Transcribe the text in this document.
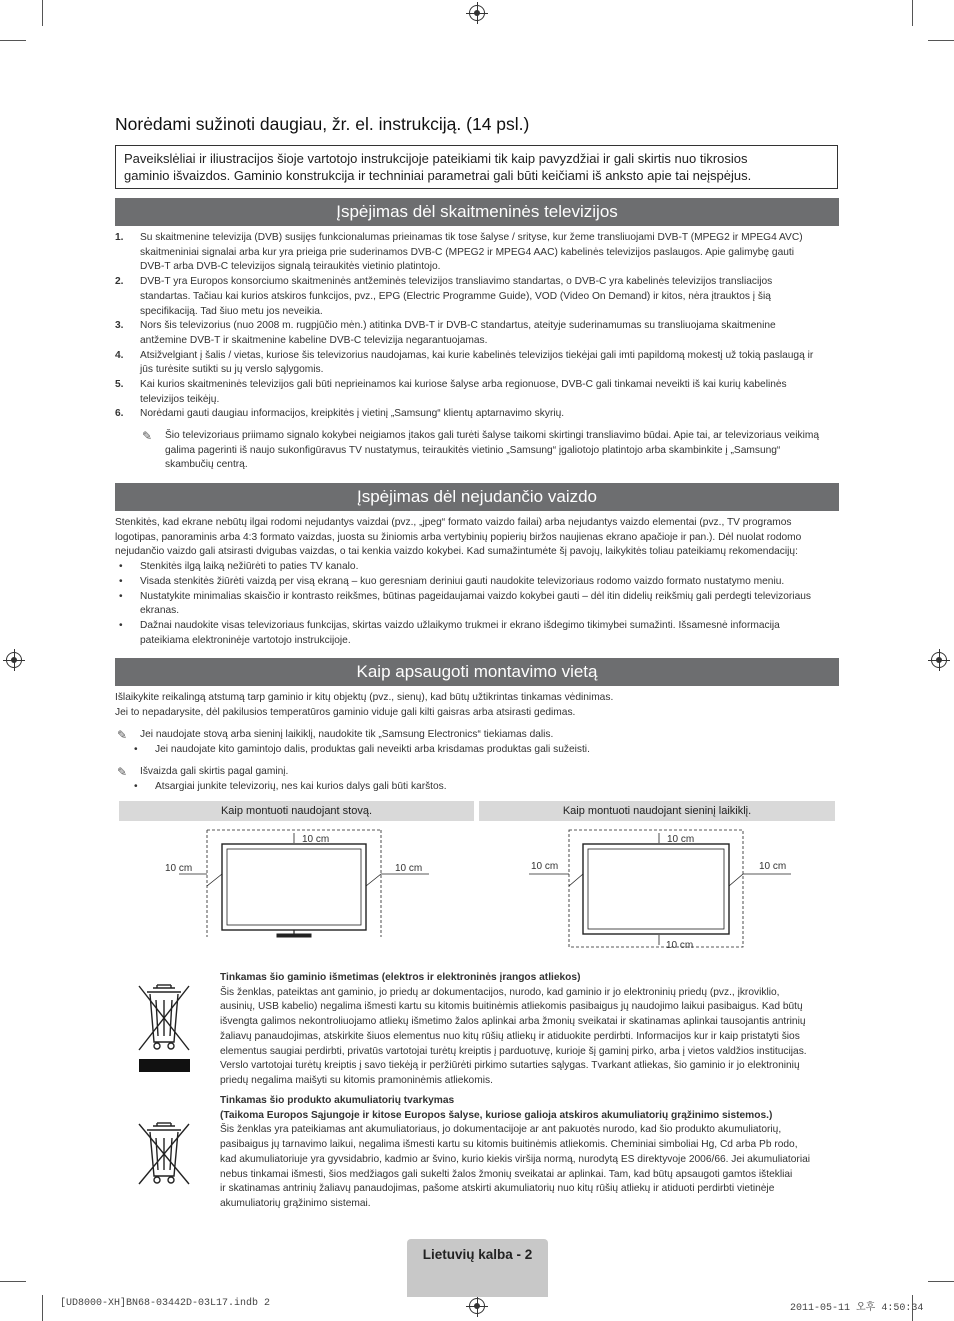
Norėdami sužinoti daugiau, žr. el. instrukciją. (14 psl.)
Paveikslėliai ir iliustracijos šioje vartotojo instrukcijoje pateikiami tik kaip pavyzdžiai ir gali skirtis nuo tikrosios
gaminio išvaizdos. Gaminio konstrukcija ir techniniai parametrai gali būti keičiami iš anksto apie tai neįspėjus.
Įspėjimas dėl skaitmeninės televizijos
1. Su skaitmenine televizija (DVB) susijęs funkcionalumas prieinamas tik tose šalyse / srityse, kur žeme transliuojami DVB-T (MPEG2 ir MPEG4 AVC)
skaitmeniniai signalai arba kur yra prieiga prie suderinamos DVB-C (MPEG2 ir MPEG4 AAC) kabelinės televizijos paslaugos. Apie galimybę gauti
DVB-T arba DVB-C televizijos signalą teiraukitės vietinio platintojo.
2. DVB-T yra Europos konsorciumo skaitmeninės antžeminės televizijos transliavimo standartas, o DVB-C yra kabelinės televizijos transliacijos
standartas. Tačiau kai kurios atskiros funkcijos, pvz., EPG (Electric Programme Guide), VOD (Video On Demand) ir kitos, nėra įtrauktos į šią
specifikaciją. Tad šiuo metu jos neveikia.
3. Nors šis televizorius (nuo 2008 m. rugpjūčio mėn.) atitinka DVB-T ir DVB-C standartus, ateityje suderinamumas su transliuojama skaitmenine
antžemine DVB-T ir skaitmenine kabeline DVB-C televizija negarantuojamas.
4. Atsižvelgiant į šalis / vietas, kuriose šis televizorius naudojamas, kai kurie kabelinės televizijos tiekėjai gali imti papildomą mokestį už tokią paslaugą ir
jūs turėsite sutikti su jų verslo sąlygomis.
5. Kai kurios skaitmeninės televizijos gali būti neprieinamos kai kuriose šalyse arba regionuose, DVB-C gali tinkamai neveikti iš kai kurių kabelinės
televizijos teikėjų.
6. Norėdami gauti daugiau informacijos, kreipkitės į vietinį „Samsung“ klientų aptarnavimo skyrių.
✎ Šio televizoriaus priimamo signalo kokybei neigiamos įtakos gali turėti šalyse taikomi skirtingi transliavimo būdai. Apie tai, ar televizoriaus veikimą
galima pagerinti iš naujo sukonfigūravus TV nustatymus, teiraukitės vietinio „Samsung“ įgaliotojo platintojo arba skambinkite į „Samsung“
skambučių centrą.
Įspėjimas dėl nejudančio vaizdo

Stenkitės, kad ekrane nebūtų ilgai rodomi nejudantys vaizdai (pvz., „jpeg“ formato vaizdo failai) arba nejudantys vaizdo elementai (pvz., TV programos

logotipas, panoraminis arba 4:3 formato vaizdas, juosta su žiniomis arba vertybinių popierių biržos naujienas ekrano apačioje ir pan.). Dėl nuolat rodomo

nejudančio vaizdo gali atsirasti dvigubas vaizdas, o tai kenkia vaizdo kokybei. Kad sumažintumėte šį pavojų, laikykitės toliau pateikiamų rekomendacijų:

• Stenkitės ilgą laiką nežiūrėti to paties TV kanalo.
• Visada stenkitės žiūrėti vaizdą per visą ekraną – kuo geresniam deriniui gauti naudokite televizoriaus rodomo vaizdo formato nustatymo meniu.
• Nustatykite minimalias skaisčio ir kontrasto reikšmes, būtinas pageidaujamai vaizdo kokybei gauti – dėl itin didelių reikšmių gali perdegti televizoriaus
ekranas.
• Dažnai naudokite visas televizoriaus funkcijas, skirtas vaizdo užlaikymo trukmei ir ekrano išdegimo tikimybei sumažinti. Išsamesnė informacija
pateikiama elektroninėje vartotojo instrukcijoje.
Kaip apsaugoti montavimo vietą

Išlaikykite reikalingą atstumą tarp gaminio ir kitų objektų (pvz., sienų), kad būtų užtikrintas tinkamas vėdinimas.

Jei to nepadarysite, dėl pakilusios temperatūros gaminio viduje gali kilti gaisras arba atsirasti gedimas.

✎ Jei naudojate stovą arba sieninį laikiklį, naudokite tik „Samsung Electronics“ tiekiamas dalis.
• Jei naudojate kito gamintojo dalis, produktas gali neveikti arba krisdamas produktas gali sužeisti.
✎ Išvaizda gali skirtis pagal gaminį.
• Atsargiai junkite televizorių, nes kai kurios dalys gali būti karštos.
Kaip montuoti naudojant stovą.	Kaip montuoti naudojant sieninį laikiklį.
10 cm
10 cm	10 cm
10 cm
10 cm
10 cm	10 cm
Tinkamas šio gaminio išmetimas (elektros ir elektroninės įrangos atliekos)
Šis ženklas, pateiktas ant gaminio, jo priedų ar dokumentacijos, nurodo, kad gaminio ir jo elektroninių priedų (pvz., įkroviklio,
ausinių, USB kabelio) negalima išmesti kartu su kitomis buitinėmis atliekomis pasibaigus jų naudojimo laikui pasibaigus. Kad būtų
išvengta galimos nekontroliuojamo atliekų išmetimo žalos aplinkai arba žmonių sveikatai ir skatinamas aplinkai tausojantis antrinių
žaliavų panaudojimas, atskirkite šiuos elementus nuo kitų rūšių atliekų ir atiduokite perdirbti. Informacijos kur ir kaip pristatyti šios
elementus saugiai perdirbti, privatūs vartotojai turėtų kreiptis į parduotuvę, kurioje šį gaminį pirko, arba į vietos valdžios institucijas.
Verslo vartotojai turėtų kreiptis į savo tiekėją ir peržiūrėti pirkimo sutarties sąlygas. Tvarkant atliekas, šio gaminio ir jo elektroninių
priedų negalima maišyti su kitomis pramoninėmis atliekomis.
Tinkamas šio produkto akumuliatorių tvarkymas
(Taikoma Europos Sąjungoje ir kitose Europos šalyse, kuriose galioja atskiros akumuliatorių grąžinimo sistemos.)
Šis ženklas yra pateikiamas ant akumuliatoriaus, jo dokumentacijoje ar ant pakuotės nurodo, kad šio produkto akumuliatorių,
pasibaigus jų tarnavimo laikui, negalima išmesti kartu su kitomis buitinėmis atliekomis. Cheminiai simboliai Hg, Cd arba Pb rodo,
kad akumuliatoriuje yra gyvsidabrio, kadmio ar švino, kurio kiekis viršija normą, nurodytą ES direktyvoje 2006/66. Jei akumuliatoriai
nebus tinkamai išmesti, šios medžiagos gali sukelti žalos žmonių sveikatai ar aplinkai. Tam, kad būtų apsaugoti gamtos ištekliai
ir skatinamas antrinių žaliavų panaudojimas, pašome atskirti akumuliatorių nuo kitų rūšių atliekų ir atiduoti perdirbti vietinėje
akumuliatorių grąžinimo sistemai.
Lietuvių kalba - 2
[UD8000-XH]BN68-03442D-03L17.indb 2	2011-05-11 오후 4:50:34
